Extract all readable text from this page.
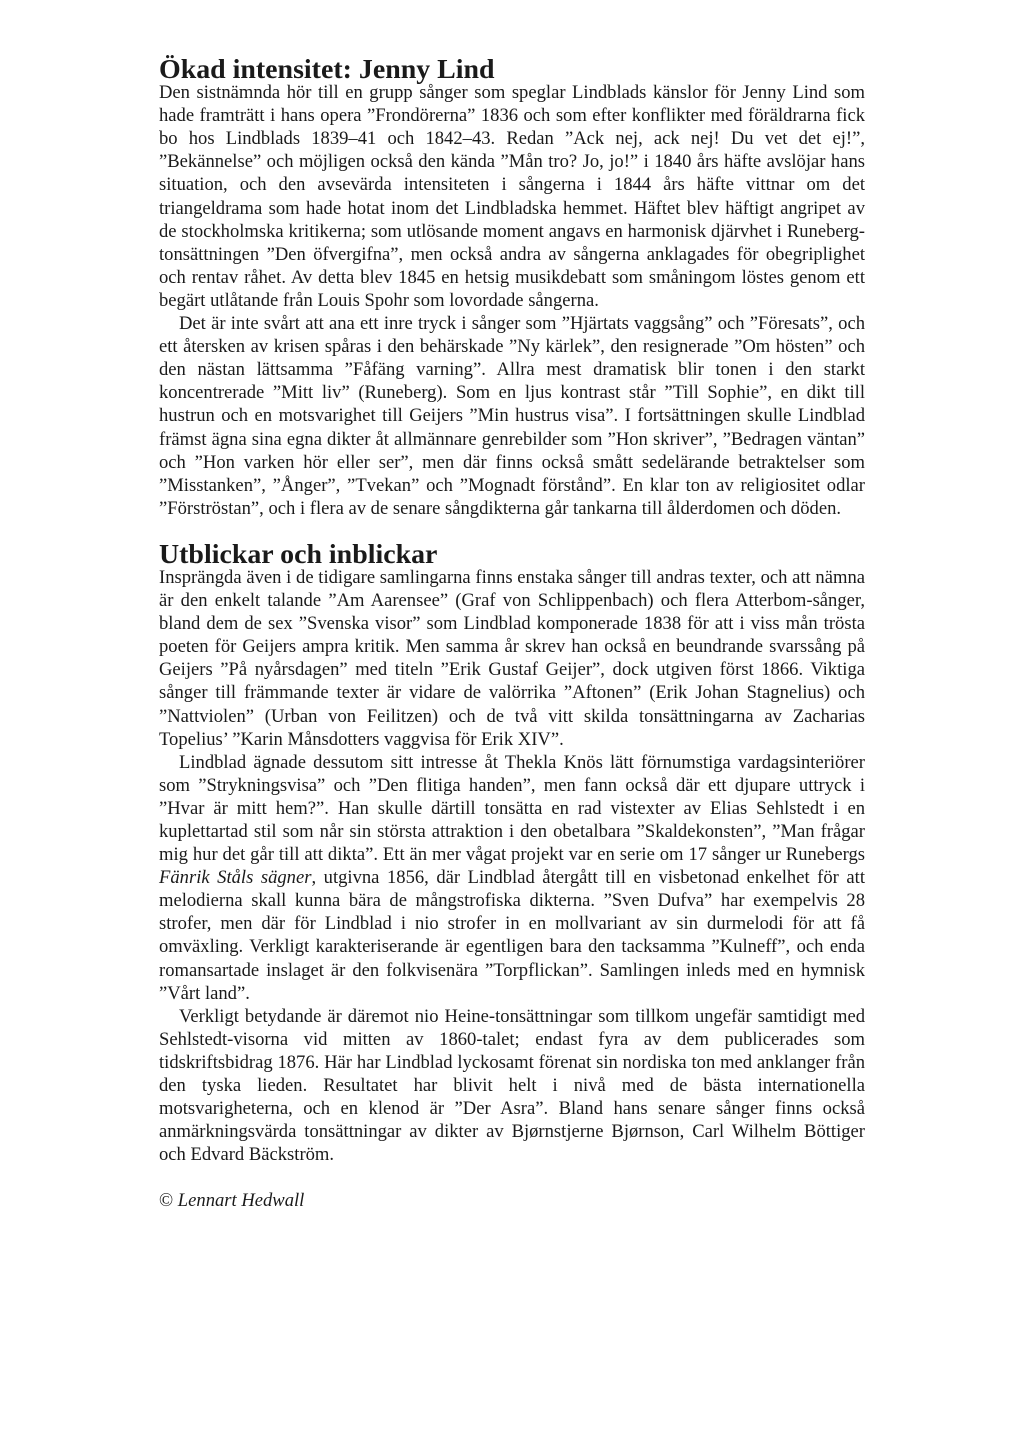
Ökad intensitet: Jenny Lind

Den sistnämnda hör till en grupp sånger som speglar Lindblads känslor för Jenny Lind som hade framträtt i hans opera ”Frondörerna” 1836 och som efter konflikter med föräldrarna fick bo hos Lindblads 1839–41 och 1842–43. Redan ”Ack nej, ack nej! Du vet det ej!”, ”Bekännelse” och möjligen också den kända ”Mån tro? Jo, jo!” i 1840 års häfte avslöjar hans situation, och den avsevärda intensiteten i sångerna i 1844 års häfte vittnar om det triangeldrama som hade hotat inom det Lindbladska hemmet. Häftet blev häftigt angripet av de stockholmska kritikerna; som utlösande moment angavs en harmonisk djärvhet i Runeberg-tonsättningen ”Den öfvergifna”, men också andra av sångerna anklagades för obegriplighet och rentav råhet. Av detta blev 1845 en hetsig musikdebatt som småningom löstes genom ett begärt utlåtande från Louis Spohr som lovordade sångerna.

Det är inte svårt att ana ett inre tryck i sånger som ”Hjärtats vaggsång” och ”Föresats”, och ett återsken av krisen spåras i den behärskade ”Ny kärlek”, den resignerade ”Om hösten” och den nästan lättsamma ”Fåfäng varning”. Allra mest dramatisk blir tonen i den starkt koncentrerade ”Mitt liv” (Runeberg). Som en ljus kontrast står ”Till Sophie”, en dikt till hustrun och en motsvarighet till Geijers ”Min hustrus visa”. I fortsättningen skulle Lindblad främst ägna sina egna dikter åt allmännare genrebilder som ”Hon skriver”, ”Bedragen väntan” och ”Hon varken hör eller ser”, men där finns också smått sedelärande betraktelser som ”Misstanken”, ”Ånger”, ”Tvekan” och ”Mognadt förstånd”. En klar ton av religiositet odlar ”Förströstan”, och i flera av de senare sångdikterna går tankarna till ålderdomen och döden.

Utblickar och inblickar

Insprängda även i de tidigare samlingarna finns enstaka sånger till andras texter, och att nämna är den enkelt talande ”Am Aarensee” (Graf von Schlippenbach) och flera Atterbom-sånger, bland dem de sex ”Svenska visor” som Lindblad komponerade 1838 för att i viss mån trösta poeten för Geijers ampra kritik. Men samma år skrev han också en beundrande svarssång på Geijers ”På nyårsdagen” med titeln ”Erik Gustaf Geijer”, dock utgiven först 1866. Viktiga sånger till främmande texter är vidare de valörrika ”Aftonen” (Erik Johan Stagnelius) och ”Nattviolen” (Urban von Feilitzen) och de två vitt skilda tonsättningarna av Zacharias Topelius’ ”Karin Månsdotters vaggvisa för Erik XIV”.

Lindblad ägnade dessutom sitt intresse åt Thekla Knös lätt förnumstiga vardagsinteriörer som ”Strykningsvisa” och ”Den flitiga handen”, men fann också där ett djupare uttryck i ”Hvar är mitt hem?”. Han skulle därtill tonsätta en rad vistexter av Elias Sehlstedt i en kuplettartad stil som når sin största attraktion i den obetalbara ”Skaldekonsten”, ”Man frågar mig hur det går till att dikta”. Ett än mer vågat projekt var en serie om 17 sånger ur Runebergs Fänrik Ståls sägner, utgivna 1856, där Lindblad återgått till en visbetonad enkelhet för att melodierna skall kunna bära de mångstrofiska dikterna. ”Sven Dufva” har exempelvis 28 strofer, men där för Lindblad i nio strofer in en mollvariant av sin durmelodi för att få omväxling. Verkligt karakteriserande är egentligen bara den tacksamma ”Kulneff”, och enda romansartade inslaget är den folkvisenära ”Torpflickan”. Samlingen inleds med en hymnisk ”Vårt land”.

Verkligt betydande är däremot nio Heine-tonsättningar som tillkom ungefär samtidigt med Sehlstedt-visorna vid mitten av 1860-talet; endast fyra av dem publicerades som tidskriftsbidrag 1876. Här har Lindblad lyckosamt förenat sin nordiska ton med anklanger från den tyska lieden. Resultatet har blivit helt i nivå med de bästa internationella motsvarigheterna, och en klenod är ”Der Asra”. Bland hans senare sånger finns också anmärkningsvärda tonsättningar av dikter av Bjørnstjerne Bjørnson, Carl Wilhelm Böttiger och Edvard Bäckström.

© Lennart Hedwall
